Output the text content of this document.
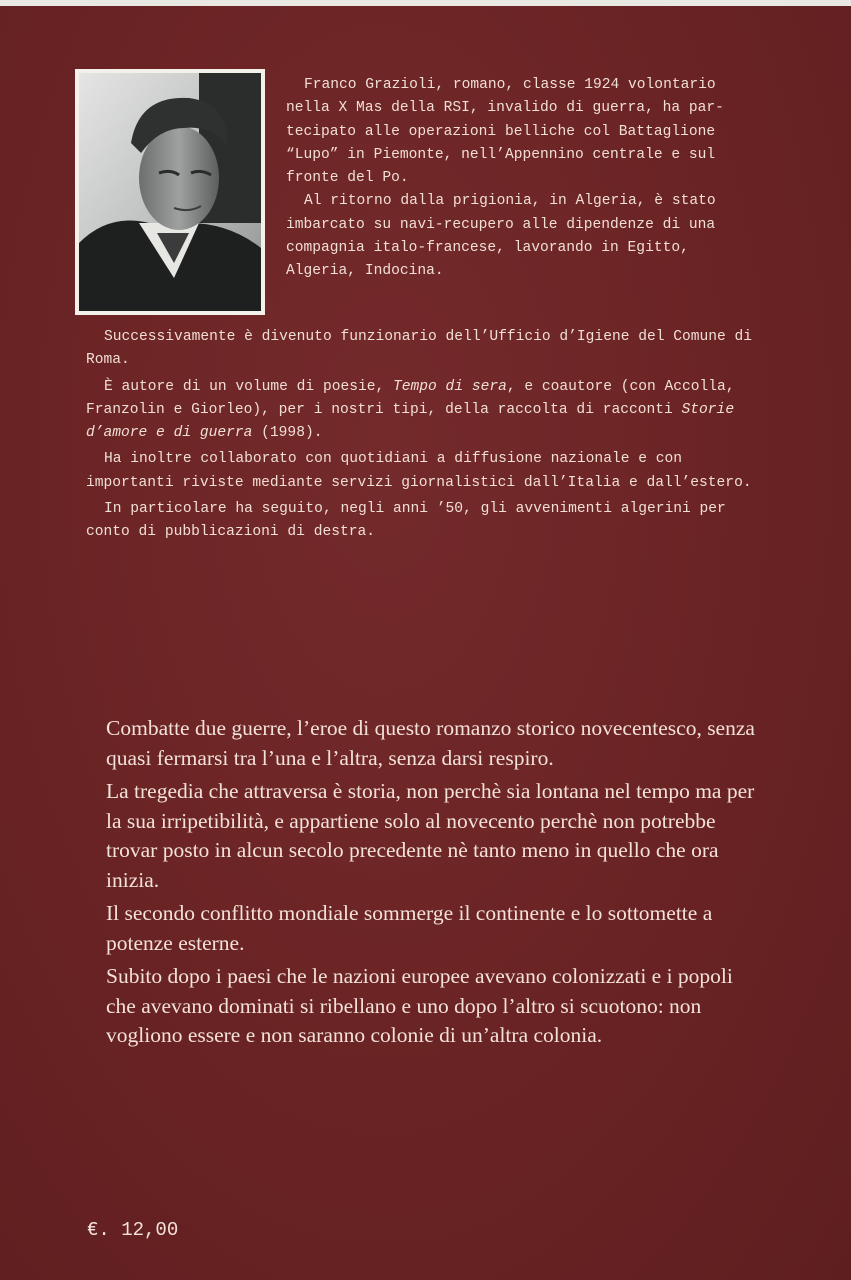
Franco Grazioli, romano, classe 1924 volontario

nella X Mas della RSI, invalido di guerra, ha par-

tecipato alle operazioni belliche col Battaglione

“Lupo” in Piemonte, nell’Appennino centrale e sul

fronte del Po.

Al ritorno dalla prigionia, in Algeria, è stato

imbarcato su navi-recupero alle dipendenze di una

compagnia italo-francese, lavorando in Egitto,

Algeria, Indocina.

Successivamente è divenuto funzionario dell’Ufficio d’Igiene del Comune di Roma.

È autore di un volume di poesie, Tempo di sera, e coautore (con Accolla, Franzolin e Giorleo), per i nostri tipi, della raccolta di racconti Storie d’amore e di guerra (1998).

Ha inoltre collaborato con quotidiani a diffusione nazionale e con importanti riviste mediante servizi giornalistici dall’Italia e dall’estero.

In particolare ha seguito, negli anni ’50, gli avvenimenti algerini per conto di pubblicazioni di destra.

Combatte due guerre, l’eroe di questo romanzo storico novecentesco, senza quasi fermarsi tra l’una e l’altra, senza darsi respiro.

La tregedia che attraversa è storia, non perchè sia lontana nel tempo ma per la sua irripetibilità, e appartiene solo al novecento perchè non potrebbe trovar posto in alcun secolo precedente nè tanto meno in quello che ora inizia.

Il secondo conflitto mondiale sommerge il continente e lo sottomette a potenze esterne.

Subito dopo i paesi che le nazioni europee avevano colonizzati e i popoli che avevano dominati si ribellano e uno dopo l’altro si scuotono: non vogliono essere e non saranno colonie di un’altra colonia.

€. 12,00
